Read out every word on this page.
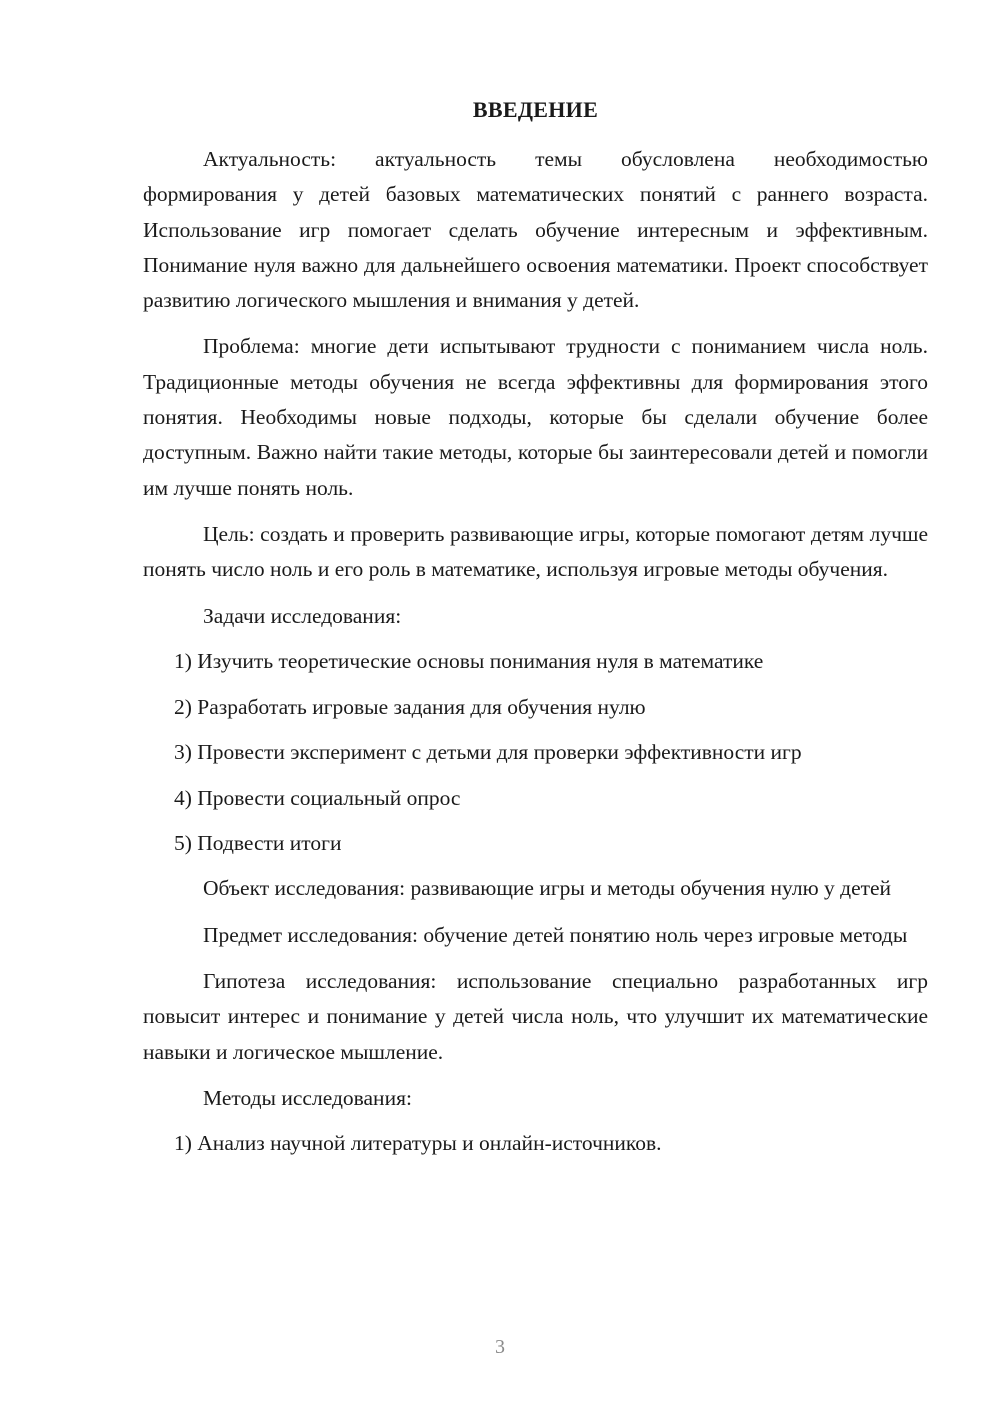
ВВЕДЕНИЕ

Актуальность: актуальность темы обусловлена необходимостью формирования у детей базовых математических понятий с раннего возраста. Использование игр помогает сделать обучение интересным и эффективным. Понимание нуля важно для дальнейшего освоения математики. Проект способствует развитию логического мышления и внимания у детей.

Проблема: многие дети испытывают трудности с пониманием числа ноль. Традиционные методы обучения не всегда эффективны для формирования этого понятия. Необходимы новые подходы, которые бы сделали обучение более доступным. Важно найти такие методы, которые бы заинтересовали детей и помогли им лучше понять ноль.

Цель: создать и проверить развивающие игры, которые помогают детям лучше понять число ноль и его роль в математике, используя игровые методы обучения.

Задачи исследования:

1) Изучить теоретические основы понимания нуля в математике

2) Разработать игровые задания для обучения нулю

3) Провести эксперимент с детьми для проверки эффективности игр

4) Провести социальный опрос

5) Подвести итоги

Объект исследования: развивающие игры и методы обучения нулю у детей

Предмет исследования: обучение детей понятию ноль через игровые методы

Гипотеза исследования: использование специально разработанных игр повысит интерес и понимание у детей числа ноль, что улучшит их математические навыки и логическое мышление.

Методы исследования:

1) Анализ научной литературы и онлайн-источников.

3
